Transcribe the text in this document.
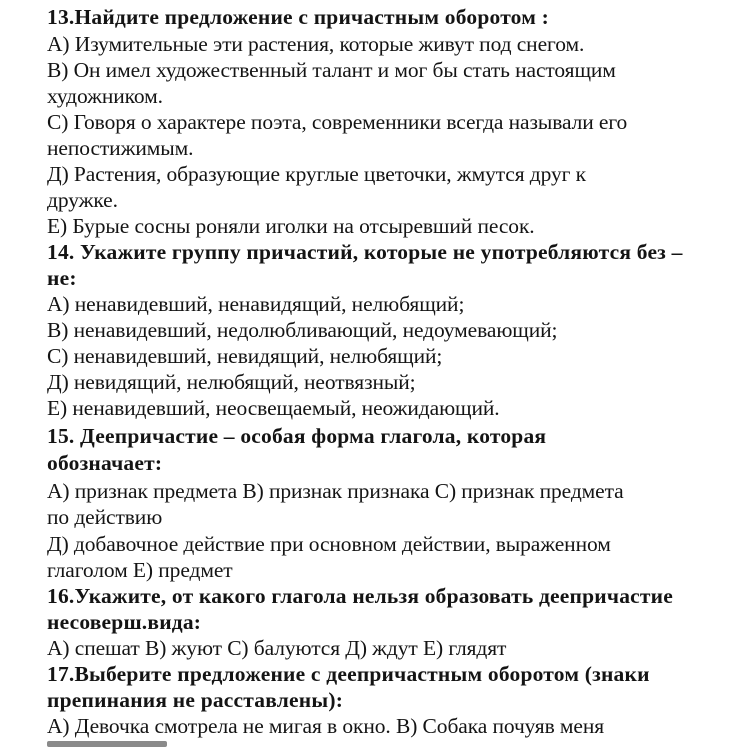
13.Найдите предложение с причастным оборотом :
А) Изумительные эти растения, которые живут под снегом.
В) Он имел художественный талант и мог бы стать настоящим
художником.
С) Говоря о характере поэта, современники всегда называли его
непостижимым.
Д) Растения, образующие круглые цветочки, жмутся друг к
дружке.
Е) Бурые сосны роняли иголки на отсыревший песок.
14. Укажите группу причастий, которые не употребляются без –
не:
А) ненавидевший, ненавидящий, нелюбящий;
В) ненавидевший, недолюбливающий, недоумевающий;
С) ненавидевший, невидящий, нелюбящий;
Д) невидящий, нелюбящий, неотвязный;
Е) ненавидевший, неосвещаемый, неожидающий.
15. Деепричастие – особая форма глагола, которая
обозначает:
А) признак предмета В) признак признака С) признак предмета
по действию
Д) добавочное действие при основном действии, выраженном
глаголом Е) предмет
16.Укажите, от какого глагола нельзя образовать деепричастие
несоверш.вида:
А) спешат В) жуют С) балуются Д) ждут Е) глядят
17.Выберите предложение с деепричастным оборотом (знаки
препинания не расставлены):
А) Девочка смотрела не мигая в окно. В) Собака почуяв меня
